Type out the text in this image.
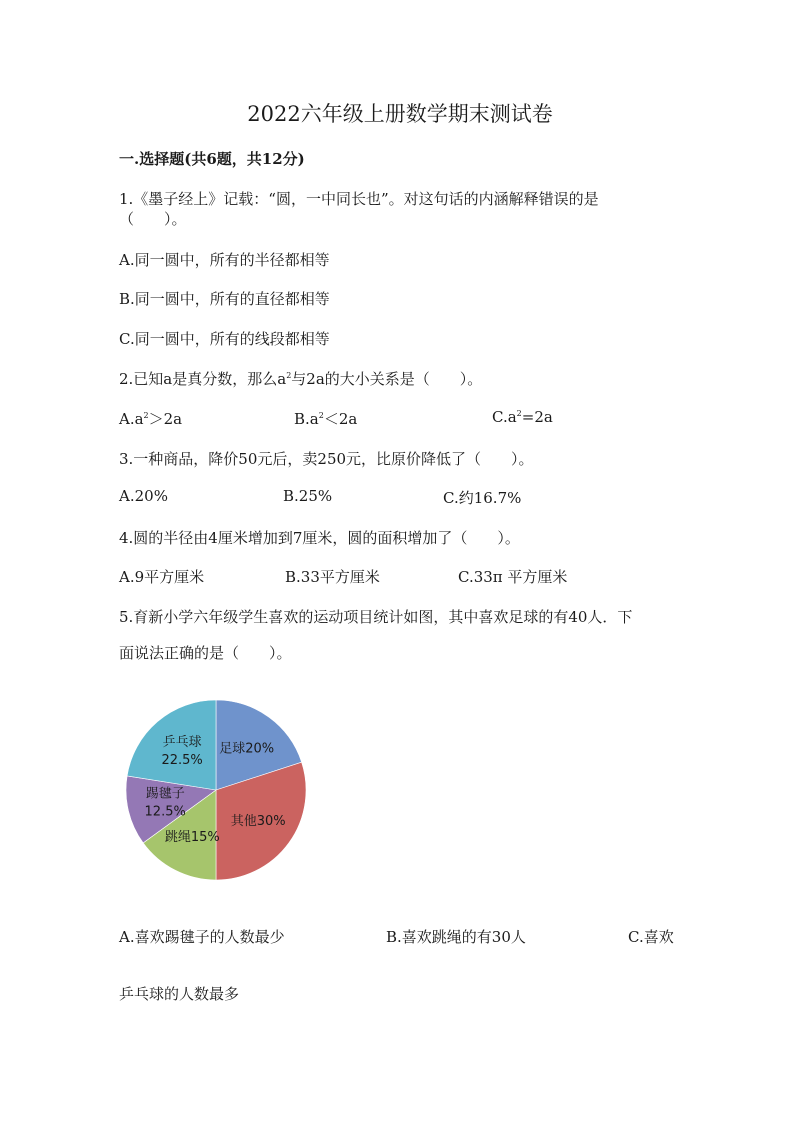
2022六年级上册数学期末测试卷
一.选择题(共6题，共12分)
1.《墨子经上》记载：“圆，一中同长也”。对这句话的内涵解释错误的是
（　　）。
A.同一圆中，所有的半径都相等
B.同一圆中，所有的直径都相等
C.同一圆中，所有的线段都相等
2.已知a是真分数，那么$a^2$与2a的大小关系是（　　）。
$A.a^2>2a$	$B.a^2<2a$	$C.a^2=2a$
3.一种商品，降价50元后，卖250元，比原价降低了（　　）。
A.20%	B.25%	C.约16.7%
4.圆的半径由4厘米增加到7厘米，圆的面积增加了（　　）。
A.9平方厘米	B.33平方厘米	C.33π 平方厘米
5.育新小学六年级学生喜欢的运动项目统计如图，其中喜欢足球的有40人．下
面说法正确的是（　　）。
足球20%
其他30%
跳绳15%
踢毽子
12.5%
乒乓球
22.5%
A.喜欢踢毽子的人数最少	B.喜欢跳绳的有30人	C.喜欢
乒乓球的人数最多
